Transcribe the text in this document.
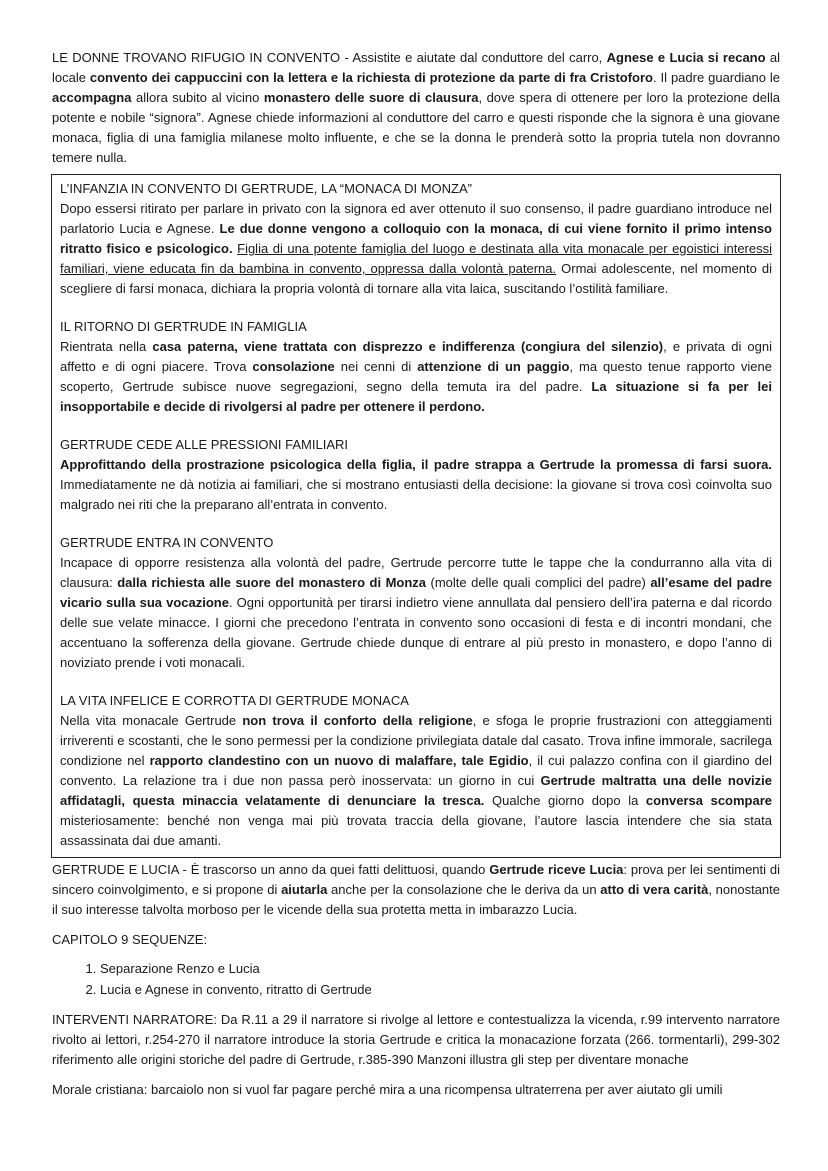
LE DONNE TROVANO RIFUGIO IN CONVENTO - Assistite e aiutate dal conduttore del carro, Agnese e Lucia si recano al locale convento dei cappuccini con la lettera e la richiesta di protezione da parte di fra Cristoforo. Il padre guardiano le accompagna allora subito al vicino monastero delle suore di clausura, dove spera di ottenere per loro la protezione della potente e nobile “signora”. Agnese chiede informazioni al conduttore del carro e questi risponde che la signora è una giovane monaca, figlia di una famiglia milanese molto influente, e che se la donna le prenderà sotto la propria tutela non dovranno temere nulla.

L’INFANZIA IN CONVENTO DI GERTRUDE, LA “MONACA DI MONZA”

Dopo essersi ritirato per parlare in privato con la signora ed aver ottenuto il suo consenso, il padre guardiano introduce nel parlatorio Lucia e Agnese. Le due donne vengono a colloquio con la monaca, di cui viene fornito il primo intenso ritratto fisico e psicologico. Figlia di una potente famiglia del luogo e destinata alla vita monacale per egoistici interessi familiari, viene educata fin da bambina in convento, oppressa dalla volontà paterna. Ormai adolescente, nel momento di scegliere di farsi monaca, dichiara la propria volontà di tornare alla vita laica, suscitando l’ostilità familiare.

IL RITORNO DI GERTRUDE IN FAMIGLIA

Rientrata nella casa paterna, viene trattata con disprezzo e indifferenza (congiura del silenzio), e privata di ogni affetto e di ogni piacere. Trova consolazione nei cenni di attenzione di un paggio, ma questo tenue rapporto viene scoperto, Gertrude subisce nuove segregazioni, segno della temuta ira del padre. La situazione si fa per lei insopportabile e decide di rivolgersi al padre per ottenere il perdono.

GERTRUDE CEDE ALLE PRESSIONI FAMILIARI

Approfittando della prostrazione psicologica della figlia, il padre strappa a Gertrude la promessa di farsi suora. Immediatamente ne dà notizia ai familiari, che si mostrano entusiasti della decisione: la giovane si trova così coinvolta suo malgrado nei riti che la preparano all’entrata in convento.

GERTRUDE ENTRA IN CONVENTO

Incapace di opporre resistenza alla volontà del padre, Gertrude percorre tutte le tappe che la condurranno alla vita di clausura: dalla richiesta alle suore del monastero di Monza (molte delle quali complici del padre) all’esame del padre vicario sulla sua vocazione. Ogni opportunità per tirarsi indietro viene annullata dal pensiero dell’ira paterna e dal ricordo delle sue velate minacce. I giorni che precedono l’entrata in convento sono occasioni di festa e di incontri mondani, che accentuano la sofferenza della giovane. Gertrude chiede dunque di entrare al più presto in monastero, e dopo l’anno di noviziato prende i voti monacali.

LA VITA INFELICE E CORROTTA DI GERTRUDE MONACA

Nella vita monacale Gertrude non trova il conforto della religione, e sfoga le proprie frustrazioni con atteggiamenti irriverenti e scostanti, che le sono permessi per la condizione privilegiata datale dal casato. Trova infine immorale, sacrilega condizione nel rapporto clandestino con un nuovo di malaffare, tale Egidio, il cui palazzo confina con il giardino del convento. La relazione tra i due non passa però inosservata: un giorno in cui Gertrude maltratta una delle novizie affidatagli, questa minaccia velatamente di denunciare la tresca. Qualche giorno dopo la conversa scompare misteriosamente: benché non venga mai più trovata traccia della giovane, l’autore lascia intendere che sia stata assassinata dai due amanti.

GERTRUDE E LUCIA - È trascorso un anno da quei fatti delittuosi, quando Gertrude riceve Lucia: prova per lei sentimenti di sincero coinvolgimento, e si propone di aiutarla anche per la consolazione che le deriva da un atto di vera carità, nonostante il suo interesse talvolta morboso per le vicende della sua protetta metta in imbarazzo Lucia.

CAPITOLO 9 SEQUENZE:

1. Separazione Renzo e Lucia
2. Lucia e Agnese in convento, ritratto di Gertrude

INTERVENTI NARRATORE: Da R.11 a 29 il narratore si rivolge al lettore e contestualizza la vicenda, r.99 intervento narratore rivolto ai lettori, r.254-270 il narratore introduce la storia Gertrude e critica la monacazione forzata (266. tormentarli), 299-302 riferimento alle origini storiche del padre di Gertrude, r.385-390 Manzoni illustra gli step per diventare monache

Morale cristiana: barcaiolo non si vuol far pagare perché mira a una ricompensa ultraterrena per aver aiutato gli umili
